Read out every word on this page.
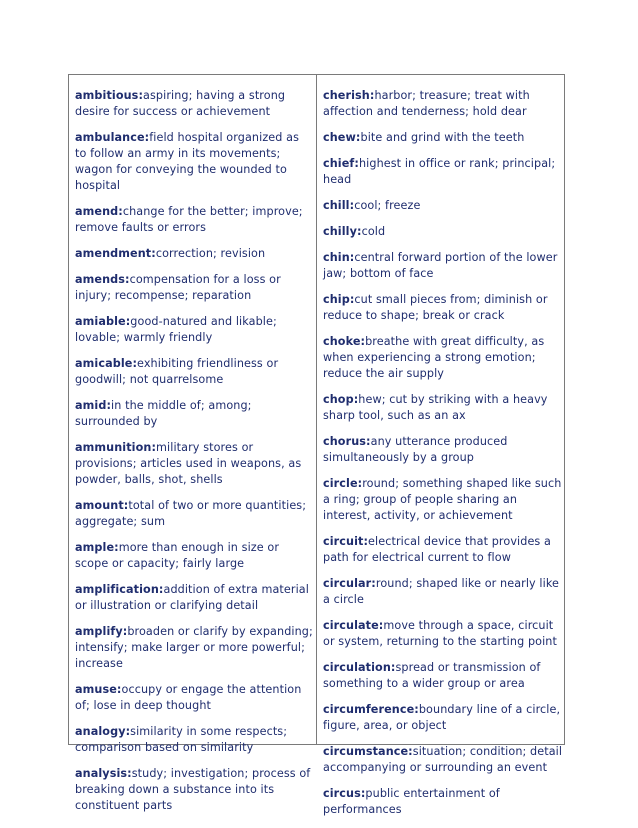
ambitious:aspiring; having a strong desire for success or achievement

ambulance:field hospital organized as to follow an army in its movements; wagon for conveying the wounded to hospital

amend:change for the better; improve; remove faults or errors

amendment:correction; revision

amends:compensation for a loss or injury; recompense; reparation

amiable:good-natured and likable; lovable; warmly friendly

amicable:exhibiting friendliness or goodwill; not quarrelsome

amid:in the middle of; among; surrounded by

ammunition:military stores or provisions; articles used in weapons, as powder, balls, shot, shells

amount:total of two or more quantities; aggregate; sum

ample:more than enough in size or scope or capacity; fairly large

amplification:addition of extra material or illustration or clarifying detail

amplify:broaden or clarify by expanding; intensify; make larger or more powerful; increase

amuse:occupy or engage the attention of; lose in deep thought

analogy:similarity in some respects; comparison based on similarity

analysis:study; investigation; process of breaking down a substance into its constituent parts

cherish:harbor; treasure; treat with affection and tenderness; hold dear

chew:bite and grind with the teeth

chief:highest in office or rank; principal; head

chill:cool; freeze

chilly:cold

chin:central forward portion of the lower jaw; bottom of face

chip:cut small pieces from; diminish or reduce to shape; break or crack

choke:breathe with great difficulty, as when experiencing a strong emotion; reduce the air supply

chop:hew; cut by striking with a heavy sharp tool, such as an ax

chorus:any utterance produced simultaneously by a group

circle:round; something shaped like such a ring; group of people sharing an interest, activity, or achievement

circuit:electrical device that provides a path for electrical current to flow

circular:round; shaped like or nearly like a circle

circulate:move through a space, circuit or system, returning to the starting point

circulation:spread or transmission of something to a wider group or area

circumference:boundary line of a circle, figure, area, or object

circumstance:situation; condition; detail accompanying or surrounding an event

circus:public entertainment of performances
